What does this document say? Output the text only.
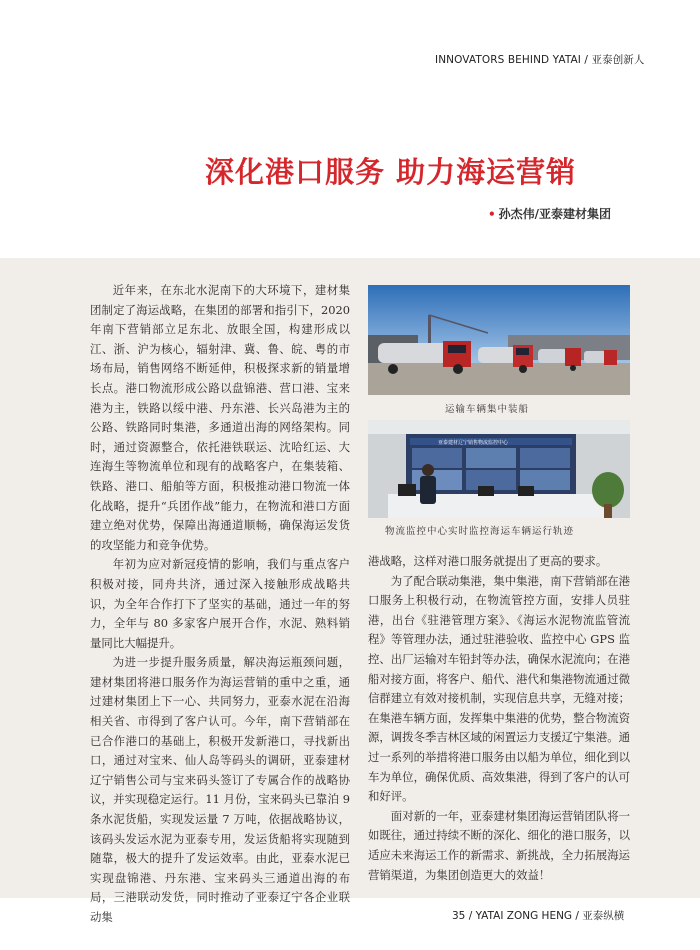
INNOVATORS BEHIND YATAI / 亚泰创新人
深化港口服务 助力海运营销
• 孙杰伟/亚泰建材集团

近年来，在东北水泥南下的大环境下，建材集团制定了海运战略，在集团的部署和指引下，2020 年南下营销部立足东北、放眼全国，构建形成以江、浙、沪为核心，辐射津、冀、鲁、皖、粤的市场布局，销售网络不断延伸，积极探求新的销量增长点。港口物流形成公路以盘锦港、营口港、宝来港为主，铁路以绥中港、丹东港、长兴岛港为主的公路、铁路同时集港，多通道出海的网络架构。同时，通过资源整合，依托港铁联运、沈哈红运、大连海生等物流单位和现有的战略客户，在集装箱、铁路、港口、船舶等方面，积极推动港口物流一体化战略，提升“兵团作战”能力，在物流和港口方面建立绝对优势，保障出海通道顺畅，确保海运发货的攻坚能力和竞争优势。

年初为应对新冠疫情的影响，我们与重点客户积极对接，同舟共济，通过深入接触形成战略共识，为全年合作打下了坚实的基础，通过一年的努力，全年与 80 多家客户展开合作，水泥、熟料销量同比大幅提升。

为进一步提升服务质量，解决海运瓶颈问题，建材集团将港口服务作为海运营销的重中之重，通过建材集团上下一心、共同努力，亚泰水泥在沿海相关省、市得到了客户认可。今年，南下营销部在已合作港口的基础上，积极开发新港口，寻找新出口，通过对宝来、仙人岛等码头的调研，亚泰建材辽宁销售公司与宝来码头签订了专属合作的战略协议，并实现稳定运行。11 月份，宝来码头已靠泊 9 条水泥货船，实现发运量 7 万吨，依据战略协议，该码头发运水泥为亚泰专用，发运货船将实现随到随靠，极大的提升了发运效率。由此，亚泰水泥已实现盘锦港、丹东港、宝来码头三通道出海的布局，三港联动发货，同时推动了亚泰辽宁各企业联动集

运输车辆集中装船
亚泰建材辽宁销售物流监控中心
物流监控中心实时监控海运车辆运行轨迹

港战略，这样对港口服务就提出了更高的要求。

为了配合联动集港，集中集港，南下营销部在港口服务上积极行动，在物流管控方面，安排人员驻港，出台《驻港管理方案》、《海运水泥物流监管流程》等管理办法，通过驻港验收、监控中心 GPS 监控、出厂运输对车铅封等办法，确保水泥流向；在港船对接方面，将客户、船代、港代和集港物流通过微信群建立有效对接机制，实现信息共享，无缝对接；在集港车辆方面，发挥集中集港的优势，整合物流资源，调拨冬季吉林区域的闲置运力支援辽宁集港。通过一系列的举措将港口服务由以船为单位，细化到以车为单位，确保优质、高效集港，得到了客户的认可和好评。

面对新的一年，亚泰建材集团海运营销团队将一如既往，通过持续不断的深化、细化的港口服务，以适应未来海运工作的新需求、新挑战，全力拓展海运营销渠道，为集团创造更大的效益！

35 / YATAI ZONG HENG / 亚泰纵横
